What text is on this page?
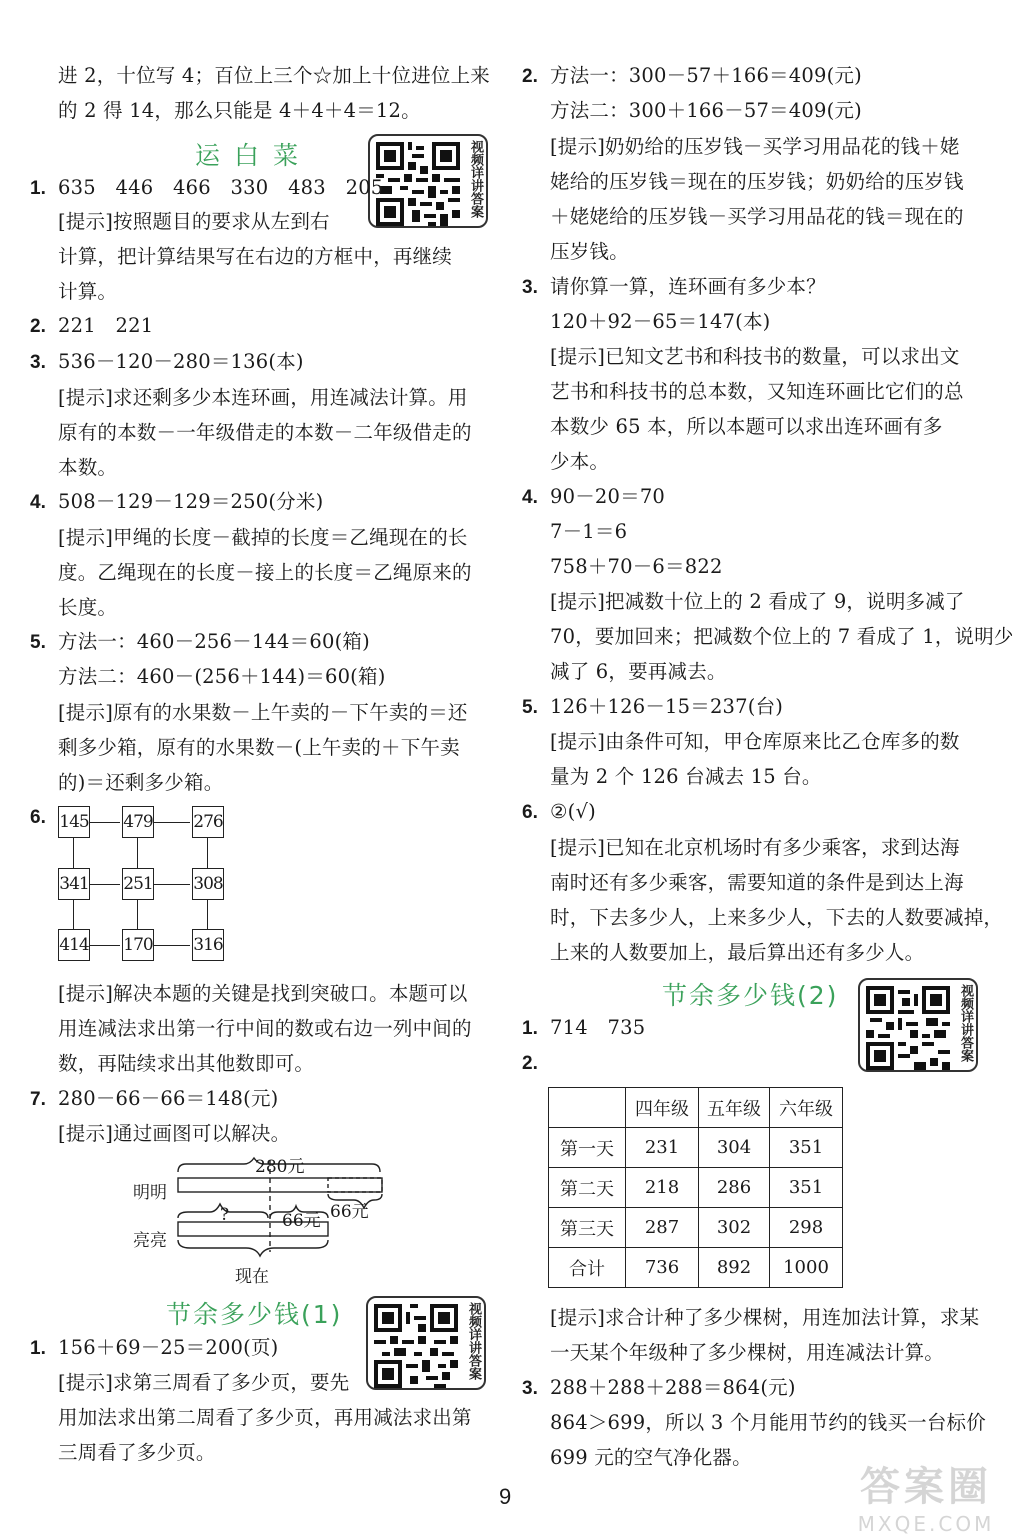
进 2，十位写 4；百位上三个☆加上十位进位上来
的 2 得 14，那么只能是 4＋4＋4＝12。
运白菜	视频详讲答案
1. 635　446　466　330　483　205
[提示]按照题目的要求从左到右
计算，把计算结果写在右边的方框中，再继续
计算。
2. 221　221
3. 536－120－280＝136(本)
[提示]求还剩多少本连环画，用连减法计算。用
原有的本数－一年级借走的本数－二年级借走的
本数。
4. 508－129－129＝250(分米)
[提示]甲绳的长度－截掉的长度＝乙绳现在的长
度。乙绳现在的长度－接上的长度＝乙绳原来的
长度。
5. 方法一：460－256－144＝60(箱)
方法二：460－(256＋144)＝60(箱)
[提示]原有的水果数－上午卖的－下午卖的＝还
剩多少箱，原有的水果数－(上午卖的＋下午卖
的)＝还剩多少箱。
6. 145 479 276
341 251 308
414 170 316
[提示]解决本题的关键是找到突破口。本题可以
用连减法求出第一行中间的数或右边一列中间的
数，再陆续求出其他数即可。
7. 280－66－66＝148(元)
[提示]通过画图可以解决。
280元
明明
66元
?	66元
亮亮
现在
节余多少钱(1)	视频详讲答案
1. 156＋69－25＝200(页)
[提示]求第三周看了多少页，要先
用加法求出第二周看了多少页，再用减法求出第
三周看了多少页。
2. 方法一：300－57＋166＝409(元)
方法二：300＋166－57＝409(元)
[提示]奶奶给的压岁钱－买学习用品花的钱＋姥
姥给的压岁钱＝现在的压岁钱；奶奶给的压岁钱
＋姥姥给的压岁钱－买学习用品花的钱＝现在的
压岁钱。
3. 请你算一算，连环画有多少本？
120＋92－65＝147(本)
[提示]已知文艺书和科技书的数量，可以求出文
艺书和科技书的总本数，又知连环画比它们的总
本数少 65 本，所以本题可以求出连环画有多
少本。
4. 90－20＝70
7－1＝6
758＋70－6＝822
[提示]把减数十位上的 2 看成了 9，说明多减了
70，要加回来；把减数个位上的 7 看成了 1，说明少
减了 6，要再减去。
5. 126＋126－15＝237(台)
[提示]由条件可知，甲仓库原来比乙仓库多的数
量为 2 个 126 台减去 15 台。
6. ②(√)
[提示]已知在北京机场时有多少乘客，求到达海
南时还有多少乘客，需要知道的条件是到达上海
时，下去多少人，上来多少人，下去的人数要减掉，
上来的人数要加上，最后算出还有多少人。
节余多少钱(2)	视频详讲答案
1. 714　735
2.
	四年级	五年级	六年级
第一天	231	304	351
第二天	218	286	351
第三天	287	302	298
合计	736	892	1000
[提示]求合计种了多少棵树，用连加法计算，求某
一天某个年级种了多少棵树，用连减法计算。
3. 288＋288＋288＝864(元)
864＞699，所以 3 个月能用节约的钱买一台标价
699 元的空气净化器。
9	答案圈
MXQE.COM
